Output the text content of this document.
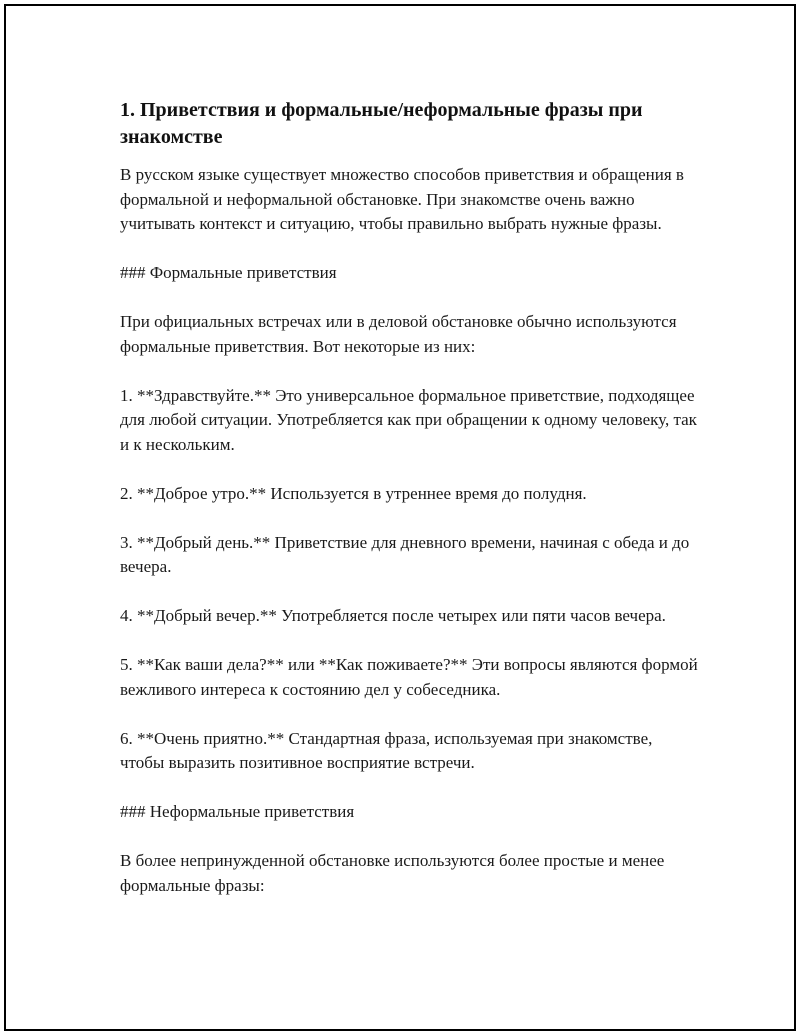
1. Приветствия и формальные/неформальные фразы при знакомстве

В русском языке существует множество способов приветствия и обращения в формальной и неформальной обстановке. При знакомстве очень важно учитывать контекст и ситуацию, чтобы правильно выбрать нужные фразы.

### Формальные приветствия

При официальных встречах или в деловой обстановке обычно используются формальные приветствия. Вот некоторые из них:

1. **Здравствуйте.** Это универсальное формальное приветствие, подходящее для любой ситуации. Употребляется как при обращении к одному человеку, так и к нескольким.

2. **Доброе утро.** Используется в утреннее время до полудня.

3. **Добрый день.** Приветствие для дневного времени, начиная с обеда и до вечера.

4. **Добрый вечер.** Употребляется после четырех или пяти часов вечера.

5. **Как ваши дела?** или **Как поживаете?** Эти вопросы являются формой вежливого интереса к состоянию дел у собеседника.

6. **Очень приятно.** Стандартная фраза, используемая при знакомстве, чтобы выразить позитивное восприятие встречи.

### Неформальные приветствия

В более непринужденной обстановке используются более простые и менее формальные фразы:
